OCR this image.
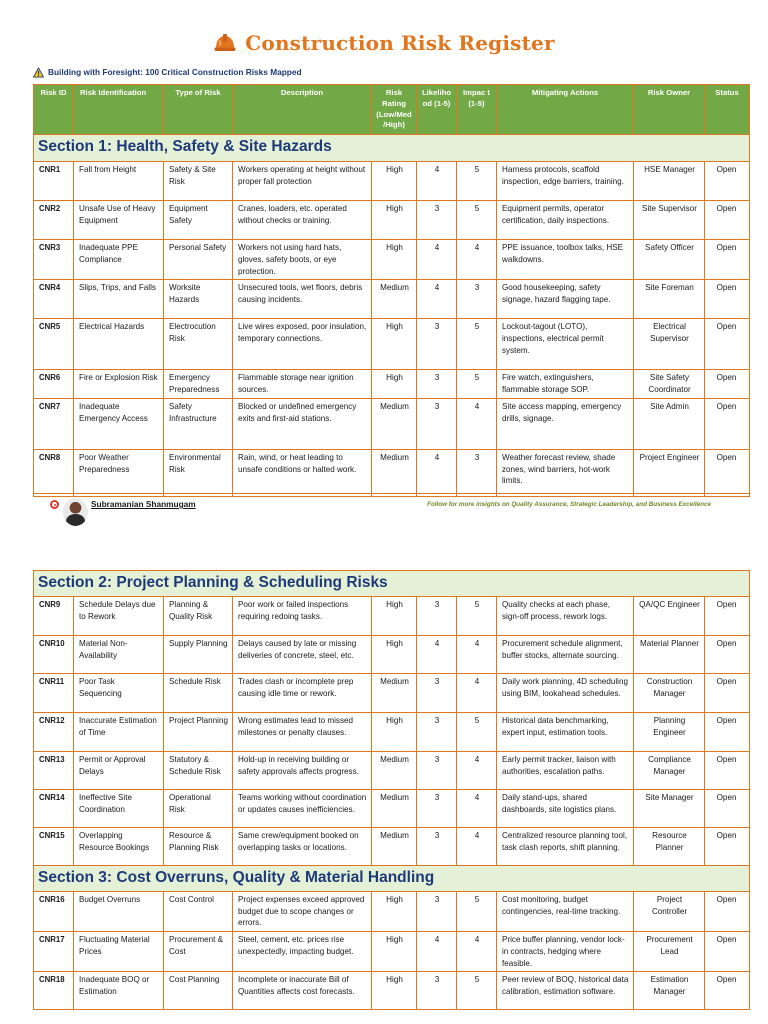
Construction Risk Register
Building with Foresight: 100 Critical Construction Risks Mapped
Risk ID	Risk Identification	Type of Risk	Description	Risk Rating (Low/Med /High)	Likeliho od (1-5)	Impac t (1-5)	Mitigating Actions	Risk Owner	Status
Section 1: Health, Safety & Site Hazards									
CNR1	Fall from Height	Safety & Site Risk	Workers operating at height without proper fall protection	High	4	5	Harness protocols, scaffold inspection, edge barriers, training.	HSE Manager	Open
CNR2	Unsafe Use of Heavy Equipment	Equipment Safety	Cranes, loaders, etc. operated without checks or training.	High	3	5	Equipment permits, operator certification, daily inspections.	Site Supervisor	Open
CNR3	Inadequate PPE Compliance	Personal Safety	Workers not using hard hats, gloves, safety boots, or eye protection.	High	4	4	PPE issuance, toolbox talks, HSE walkdowns.	Safety Officer	Open
CNR4	Slips, Trips, and Falls	Worksite Hazards	Unsecured tools, wet floors, debris causing incidents.	Medium	4	3	Good housekeeping, safety signage, hazard flagging tape.	Site Foreman	Open
CNR5	Electrical Hazards	Electrocution Risk	Live wires exposed, poor insulation, temporary connections.	High	3	5	Lockout-tagout (LOTO), inspections, electrical permit system.	Electrical Supervisor	Open
CNR6	Fire or Explosion Risk	Emergency Preparedness	Flammable storage near ignition sources.	High	3	5	Fire watch, extinguishers, flammable storage SOP.	Site Safety Coordinator	Open
CNR7	Inadequate Emergency Access	Safety Infrastructure	Blocked or undefined emergency exits and first-aid stations.	Medium	3	4	Site access mapping, emergency drills, signage.	Site Admin	Open
CNR8	Poor Weather Preparedness	Environmental Risk	Rain, wind, or heat leading to unsafe conditions or halted work.	Medium	4	3	Weather forecast review, shade zones, wind barriers, hot-work limits.	Project Engineer	Open
Subramanian Shanmugam	Follow for more insights on Quality Assurance, Strategic Leadership, and Business Excellence
Section 2: Project Planning & Scheduling Risks									
CNR9	Schedule Delays due to Rework	Planning & Quality Risk	Poor work or failed inspections requiring redoing tasks.	High	3	5	Quality checks at each phase, sign-off process, rework logs.	QA/QC Engineer	Open
CNR10	Material Non-Availability	Supply Planning	Delays caused by late or missing deliveries of concrete, steel, etc.	High	4	4	Procurement schedule alignment, buffer stocks, alternate sourcing.	Material Planner	Open
CNR11	Poor Task Sequencing	Schedule Risk	Trades clash or incomplete prep causing idle time or rework.	Medium	3	4	Daily work planning, 4D scheduling using BIM, lookahead schedules.	Construction Manager	Open
CNR12	Inaccurate Estimation of Time	Project Planning	Wrong estimates lead to missed milestones or penalty clauses.	High	3	5	Historical data benchmarking, expert input, estimation tools.	Planning Engineer	Open
CNR13	Permit or Approval Delays	Statutory & Schedule Risk	Hold-up in receiving building or safety approvals affects progress.	Medium	3	4	Early permit tracker, liaison with authorities, escalation paths.	Compliance Manager	Open
CNR14	Ineffective Site Coordination	Operational Risk	Teams working without coordination or updates causes inefficiencies.	Medium	3	4	Daily stand-ups, shared dashboards, site logistics plans.	Site Manager	Open
CNR15	Overlapping Resource Bookings	Resource & Planning Risk	Same crew/equipment booked on overlapping tasks or locations.	Medium	3	4	Centralized resource planning tool, task clash reports, shift planning.	Resource Planner	Open
Section 3: Cost Overruns, Quality & Material Handling									
CNR16	Budget Overruns	Cost Control	Project expenses exceed approved budget due to scope changes or errors.	High	3	5	Cost monitoring, budget contingencies, real-time tracking.	Project Controller	Open
CNR17	Fluctuating Material Prices	Procurement & Cost	Steel, cement, etc. prices rise unexpectedly, impacting budget.	High	4	4	Price buffer planning, vendor lock-in contracts, hedging where feasible.	Procurement Lead	Open
CNR18	Inadequate BOQ or Estimation	Cost Planning	Incomplete or inaccurate Bill of Quantities affects cost forecasts.	High	3	5	Peer review of BOQ, historical data calibration, estimation software.	Estimation Manager	Open
